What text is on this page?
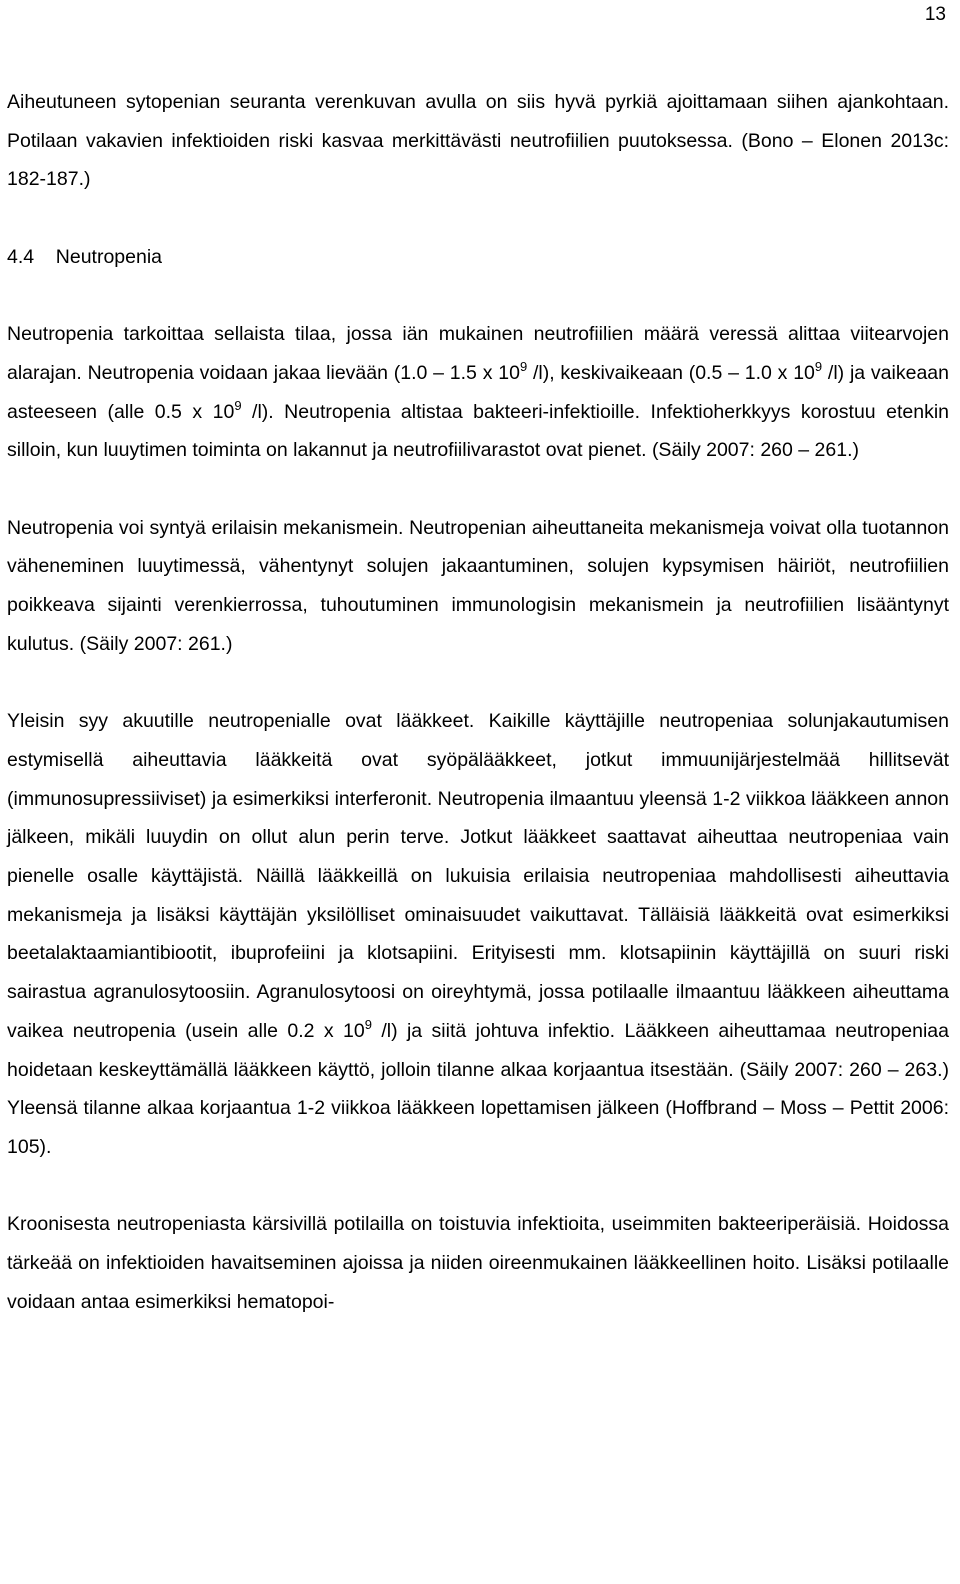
13

Aiheutuneen sytopenian seuranta verenkuvan avulla on siis hyvä pyrkiä ajoittamaan siihen ajankohtaan. Potilaan vakavien infektioiden riski kasvaa merkittävästi neutrofiilien puutoksessa. (Bono – Elonen 2013c: 182-187.)

4.4 Neutropenia

Neutropenia tarkoittaa sellaista tilaa, jossa iän mukainen neutrofiilien määrä veressä alittaa viitearvojen alarajan. Neutropenia voidaan jakaa lievään (1.0 – 1.5 x $10^9$ /l), keskivaikeaan (0.5 – 1.0 x $10^9$ /l) ja vaikeaan asteeseen (alle 0.5 x $10^9$ /l). Neutropenia altistaa bakteeri-infektioille. Infektioherkkyys korostuu etenkin silloin, kun luuytimen toiminta on lakannut ja neutrofiilivarastot ovat pienet. (Säily 2007: 260 – 261.)

Neutropenia voi syntyä erilaisin mekanismein. Neutropenian aiheuttaneita mekanismeja voivat olla tuotannon väheneminen luuytimessä, vähentynyt solujen jakaantuminen, solujen kypsymisen häiriöt, neutrofiilien poikkeava sijainti verenkierrossa, tuhoutuminen immunologisin mekanismein ja neutrofiilien lisääntynyt kulutus. (Säily 2007: 261.)

Yleisin syy akuutille neutropenialle ovat lääkkeet. Kaikille käyttäjille neutropeniaa solunjakautumisen estymisellä aiheuttavia lääkkeitä ovat syöpälääkkeet, jotkut immuunijärjestelmää hillitsevät (immunosupressiiviset) ja esimerkiksi interferonit. Neutropenia ilmaantuu yleensä 1-2 viikkoa lääkkeen annon jälkeen, mikäli luuydin on ollut alun perin terve. Jotkut lääkkeet saattavat aiheuttaa neutropeniaa vain pienelle osalle käyttäjistä. Näillä lääkkeillä on lukuisia erilaisia neutropeniaa mahdollisesti aiheuttavia mekanismeja ja lisäksi käyttäjän yksilölliset ominaisuudet vaikuttavat. Tälläisiä lääkkeitä ovat esimerkiksi beetalaktaamiantibiootit, ibuprofeiini ja klotsapiini. Erityisesti mm. klotsapiinin käyttäjillä on suuri riski sairastua agranulosytoosiin. Agranulosytoosi on oireyhtymä, jossa potilaalle ilmaantuu lääkkeen aiheuttama vaikea neutropenia (usein alle 0.2 x $10^9$ /l) ja siitä johtuva infektio. Lääkkeen aiheuttamaa neutropeniaa hoidetaan keskeyttämällä lääkkeen käyttö, jolloin tilanne alkaa korjaantua itsestään. (Säily 2007: 260 – 263.) Yleensä tilanne alkaa korjaantua 1-2 viikkoa lääkkeen lopettamisen jälkeen (Hoffbrand – Moss – Pettit 2006: 105).

Kroonisesta neutropeniasta kärsivillä potilailla on toistuvia infektioita, useimmiten bakteeriperäisiä. Hoidossa tärkeää on infektioiden havaitseminen ajoissa ja niiden oireenmukainen lääkkeellinen hoito. Lisäksi potilaalle voidaan antaa esimerkiksi hematopoi-
